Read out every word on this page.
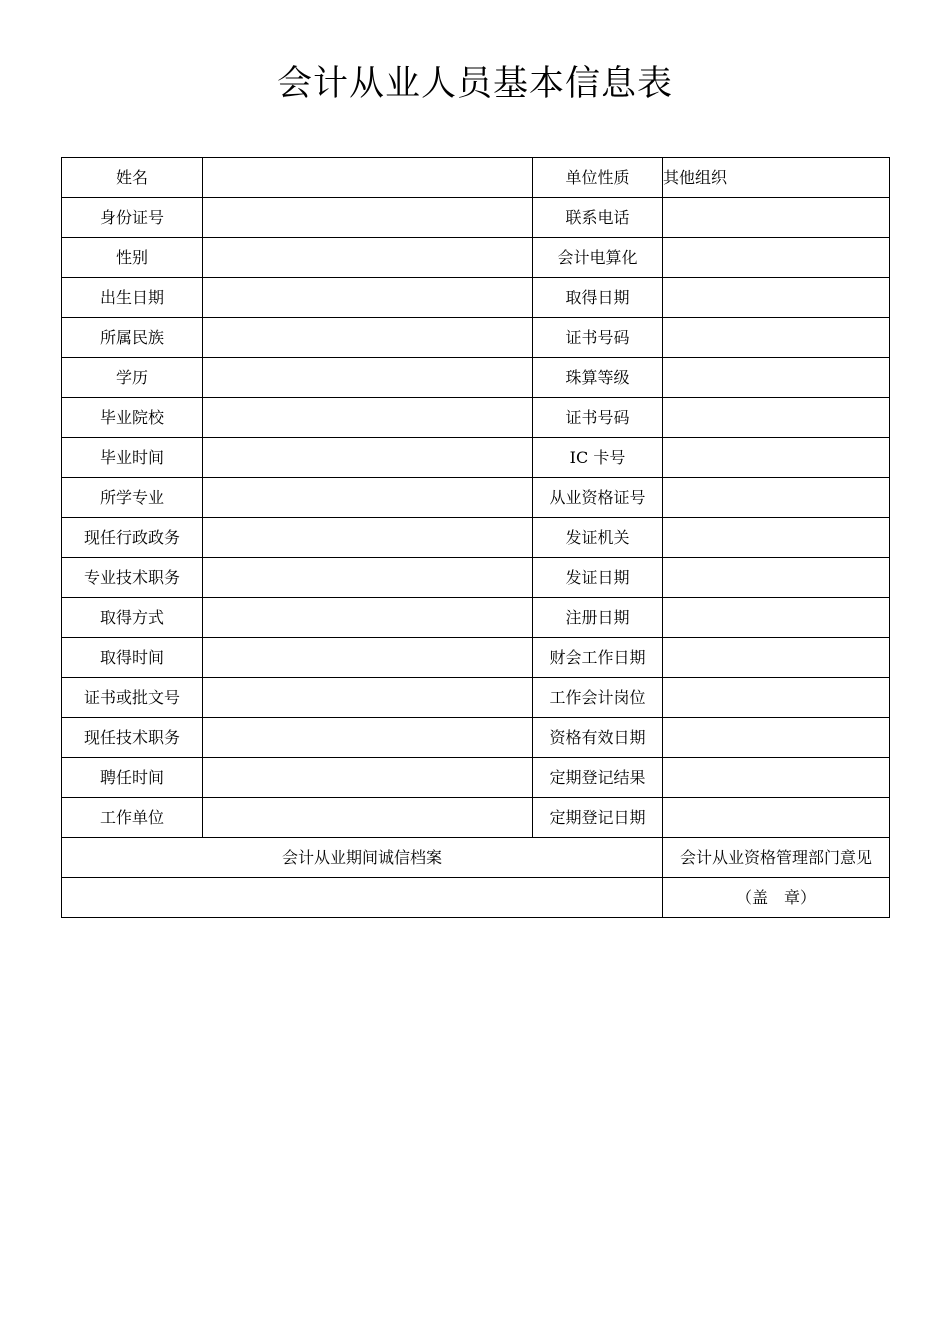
会计从业人员基本信息表
姓名		单位性质	其他组织
身份证号		联系电话	
性别		会计电算化	
出生日期		取得日期	
所属民族		证书号码	
学历		珠算等级	
毕业院校		证书号码	
毕业时间		IC 卡号	
所学专业		从业资格证号	
现任行政政务		发证机关	
专业技术职务		发证日期	
取得方式		注册日期	
取得时间		财会工作日期	
证书或批文号		工作会计岗位	
现任技术职务		资格有效日期	
聘任时间		定期登记结果	
工作单位		定期登记日期	
会计从业期间诚信档案			会计从业资格管理部门意见
			（盖　章）
